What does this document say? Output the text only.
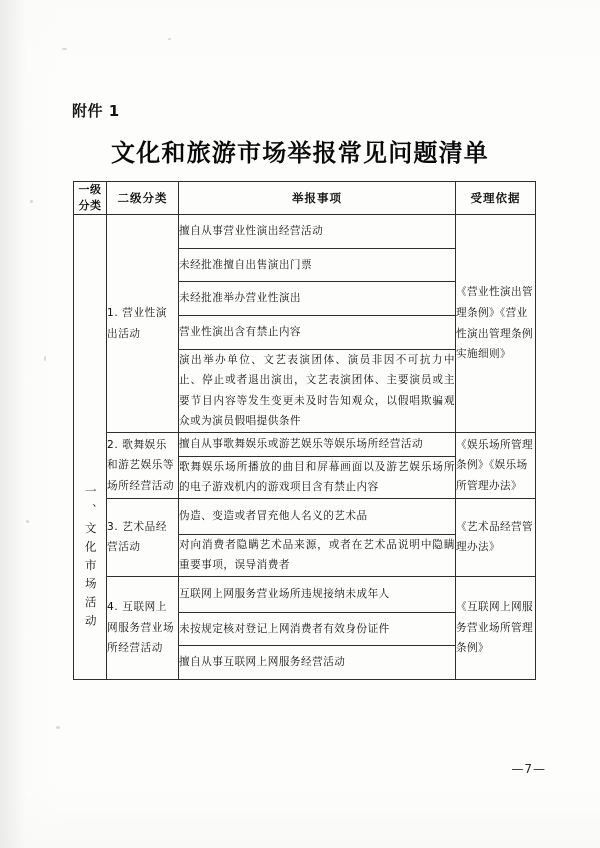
附件 1
文化和旅游市场举报常见问题清单
一级
分类	二级分类	举报事项	受理依据

一、文化市场活动	1. 营业性演出活动	擅自从事营业性演出经营活动	《营业性演出管理条例》《营业性演出管理条例实施细则》
		未经批准擅自出售演出门票	
		未经批准举办营业性演出	
		营业性演出含有禁止内容	
		演出举办单位、文艺表演团体、演员非因不可抗力中止、停止或者退出演出，文艺表演团体、主要演员或主要节目内容等发生变更未及时告知观众，以假唱欺骗观众或为演员假唱提供条件	
	2. 歌舞娱乐和游艺娱乐等场所经营活动	擅自从事歌舞娱乐或游艺娱乐等娱乐场所经营活动	《娱乐场所管理条例》《娱乐场所管理办法》
		歌舞娱乐场所播放的曲目和屏幕画面以及游艺娱乐场所的电子游戏机内的游戏项目含有禁止内容	
	3. 艺术品经营活动	伪造、变造或者冒充他人名义的艺术品	《艺术品经营管理办法》
		对向消费者隐瞒艺术品来源，或者在艺术品说明中隐瞒重要事项，误导消费者	
	4. 互联网上网服务营业场所经营活动	互联网上网服务营业场所违规接纳未成年人	《互联网上网服务营业场所管理条例》
		未按规定核对登记上网消费者有效身份证件	
		擅自从事互联网上网服务经营活动	
—7—
